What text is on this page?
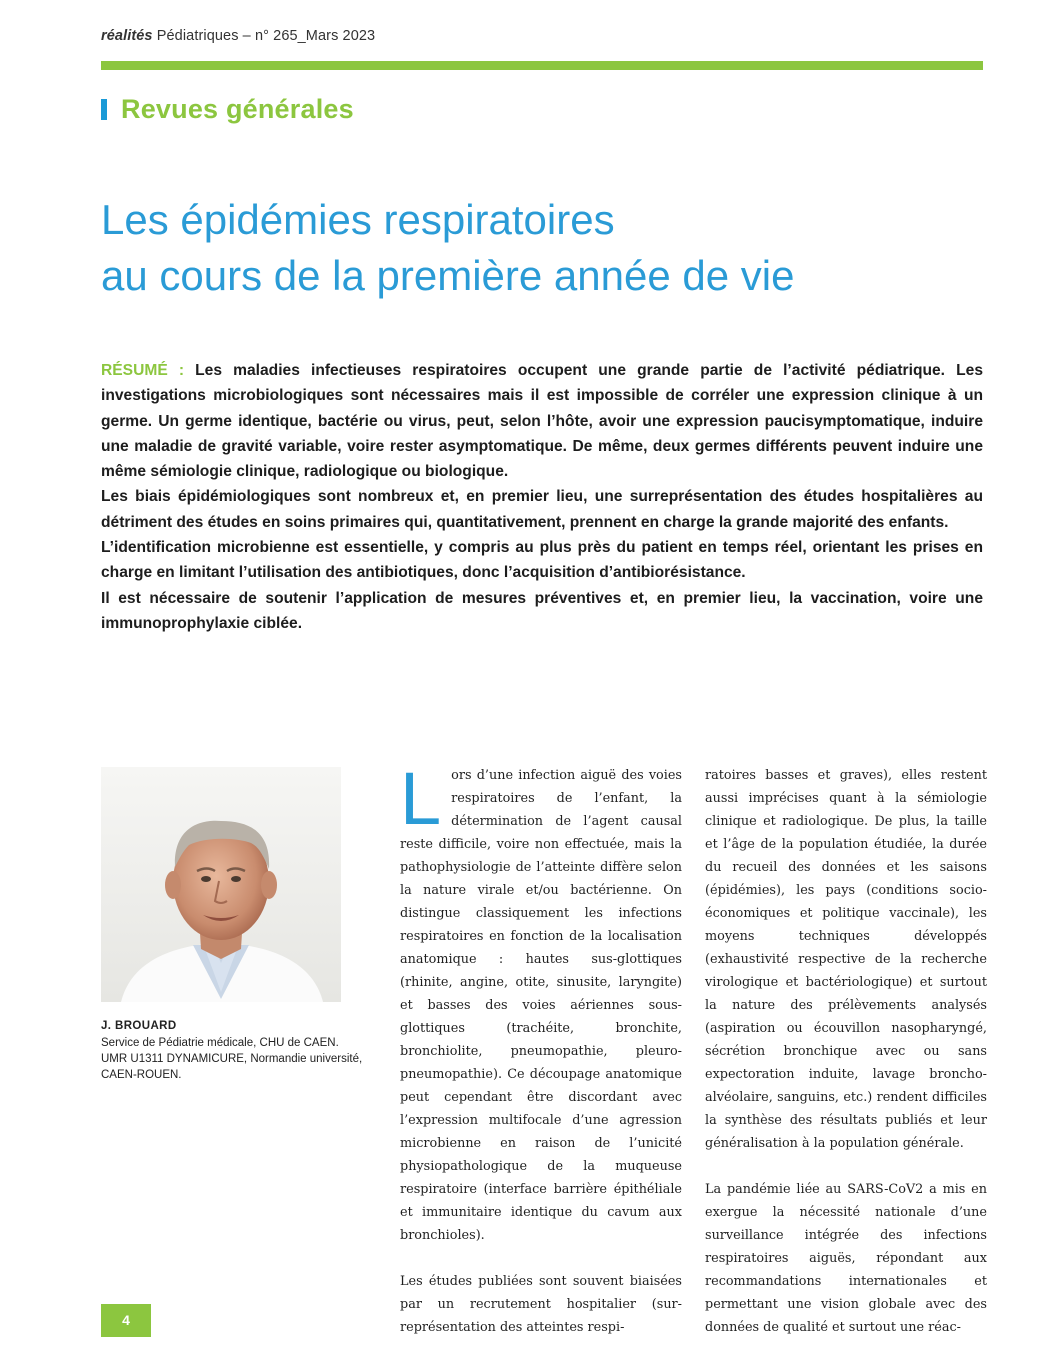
réalités Pédiatriques – n° 265_Mars 2023
Revues générales
Les épidémies respiratoires
au cours de la première année de vie

RÉSUMÉ : Les maladies infectieuses respiratoires occupent une grande partie de l’activité pédiatrique. Les investigations microbiologiques sont nécessaires mais il est impossible de corréler une expression clinique à un germe. Un germe identique, bactérie ou virus, peut, selon l’hôte, avoir une expression paucisymptomatique, induire une maladie de gravité variable, voire rester asymptomatique. De même, deux germes différents peuvent induire une même sémiologie clinique, radiologique ou biologique.

Les biais épidémiologiques sont nombreux et, en premier lieu, une surreprésentation des études hospitalières au détriment des études en soins primaires qui, quantitativement, prennent en charge la grande majorité des enfants.

L’identification microbienne est essentielle, y compris au plus près du patient en temps réel, orientant les prises en charge en limitant l’utilisation des antibiotiques, donc l’acquisition d’antibiorésistance.

Il est nécessaire de soutenir l’application de mesures préventives et, en premier lieu, la vaccination, voire une immunoprophylaxie ciblée.

J. BROUARD
Service de Pédiatrie médicale, CHU de CAEN.
UMR U1311 DYNAMICURE, Normandie université,
CAEN-ROUEN.

Lors d’une infection aiguë des voies respiratoires de l’enfant, la détermination de l’agent causal reste difficile, voire non effectuée, mais la pathophysiologie de l’atteinte diffère selon la nature virale et/ou bactérienne. On distingue classiquement les infections respiratoires en fonction de la localisation anatomique : hautes sus-glottiques (rhinite, angine, otite, sinusite, laryngite) et basses des voies aériennes sous-glottiques (trachéite, bronchite, bronchiolite, pneumopathie, pleuro-pneumopathie). Ce découpage anatomique peut cependant être discordant avec l’expression multifocale d’une agression microbienne en raison de l’unicité physiopathologique de la muqueuse respiratoire (interface barrière épithéliale et immunitaire identique du cavum aux bronchioles).

Les études publiées sont souvent biaisées par un recrutement hospitalier (sur-représentation des atteintes respi-

ratoires basses et graves), elles restent aussi imprécises quant à la sémiologie clinique et radiologique. De plus, la taille et l’âge de la population étudiée, la durée du recueil des données et les saisons (épidémies), les pays (conditions socio-économiques et politique vaccinale), les moyens techniques développés (exhaustivité respective de la recherche virologique et bactériologique) et surtout la nature des prélèvements analysés (aspiration ou écouvillon nasopharyngé, sécrétion bronchique avec ou sans expectoration induite, lavage broncho-alvéolaire, sanguins, etc.) rendent difficiles la synthèse des résultats publiés et leur généralisation à la population générale.

La pandémie liée au SARS-CoV2 a mis en exergue la nécessité nationale d’une surveillance intégrée des infections respiratoires aiguës, répondant aux recommandations internationales et permettant une vision globale avec des données de qualité et surtout une réac-

4
